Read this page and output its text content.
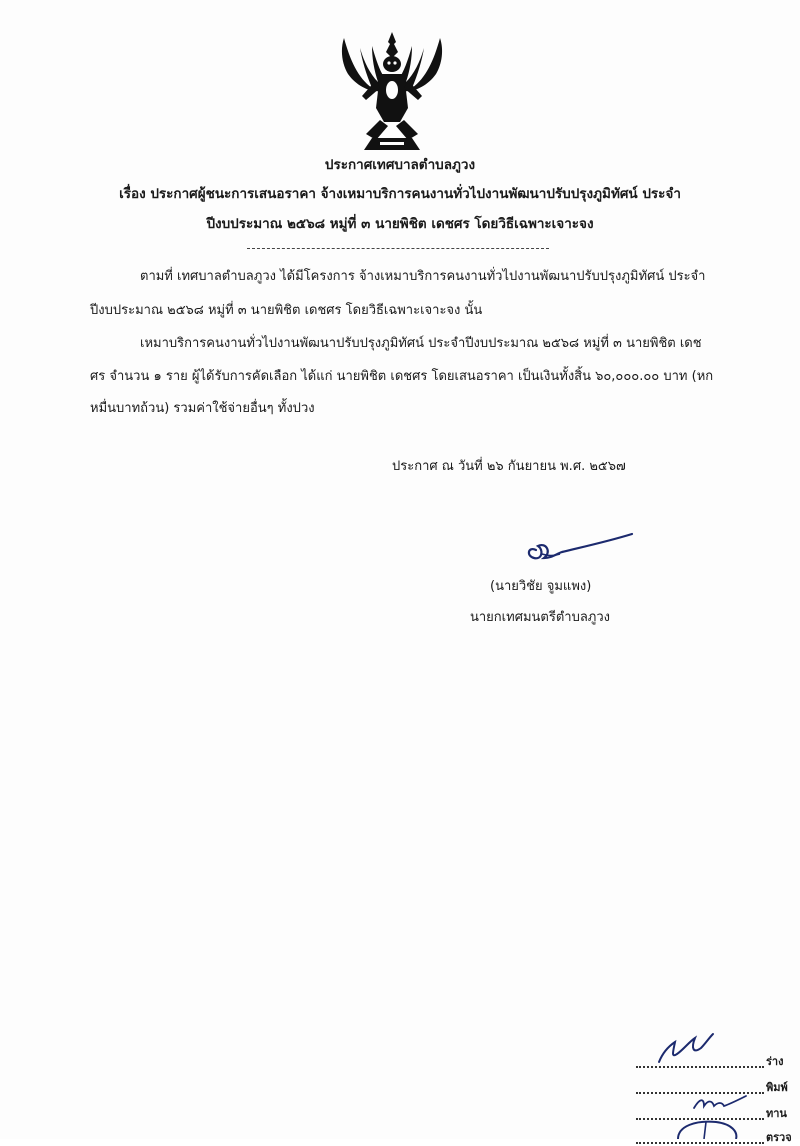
ประกาศเทศบาลตำบลภูวง
เรื่อง ประกาศผู้ชนะการเสนอราคา จ้างเหมาบริการคนงานทั่วไปงานพัฒนาปรับปรุงภูมิทัศน์ ประจำ
ปีงบประมาณ ๒๕๖๘ หมู่ที่ ๓ นายพิชิต เดชศร โดยวิธีเฉพาะเจาะจง
ตามที่ เทศบาลตำบลภูวง ได้มีโครงการ จ้างเหมาบริการคนงานทั่วไปงานพัฒนาปรับปรุงภูมิทัศน์ ประจำ
ปีงบประมาณ ๒๕๖๘ หมู่ที่ ๓ นายพิชิต เดชศร โดยวิธีเฉพาะเจาะจง นั้น
เหมาบริการคนงานทั่วไปงานพัฒนาปรับปรุงภูมิทัศน์ ประจำปีงบประมาณ ๒๕๖๘ หมู่ที่ ๓ นายพิชิต เดช
ศร จำนวน ๑ ราย ผู้ได้รับการคัดเลือก ได้แก่ นายพิชิต เดชศร โดยเสนอราคา เป็นเงินทั้งสิ้น ๖๐,๐๐๐.๐๐ บาท (หก
หมื่นบาทถ้วน) รวมค่าใช้จ่ายอื่นๆ ทั้งปวง
ประกาศ ณ วันที่ ๒๖ กันยายน พ.ศ. ๒๕๖๗
(นายวิชัย จูมแพง)
นายกเทศมนตรีตำบลภูวง
ร่าง
พิมพ์
ทาน
ตรวจ
